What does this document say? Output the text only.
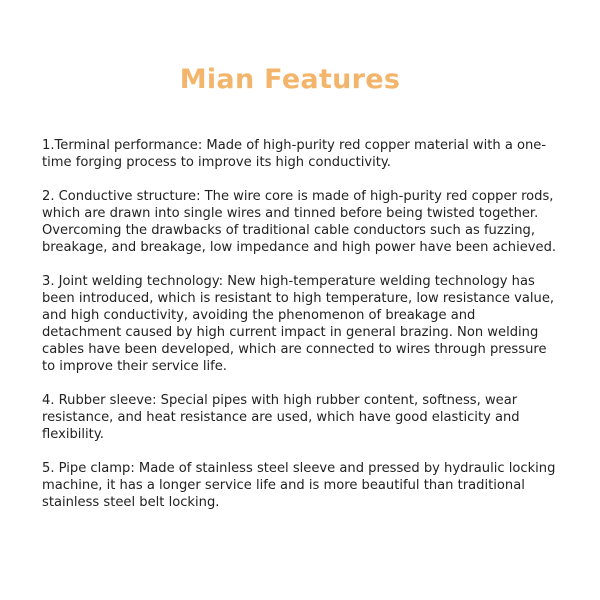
Mian Features

1.Terminal performance: Made of high-purity red copper material with a one-time forging process to improve its high conductivity.

2. Conductive structure: The wire core is made of high-purity red copper rods, which are drawn into single wires and tinned before being twisted together. Overcoming the drawbacks of traditional cable conductors such as fuzzing, breakage, and breakage, low impedance and high power have been achieved.

3. Joint welding technology: New high-temperature welding technology has been introduced, which is resistant to high temperature, low resistance value, and high conductivity, avoiding the phenomenon of breakage and detachment caused by high current impact in general brazing. Non welding cables have been developed, which are connected to wires through pressure to improve their service life.

4. Rubber sleeve: Special pipes with high rubber content, softness, wear resistance, and heat resistance are used, which have good elasticity and flexibility.

5. Pipe clamp: Made of stainless steel sleeve and pressed by hydraulic locking machine, it has a longer service life and is more beautiful than traditional stainless steel belt locking.
